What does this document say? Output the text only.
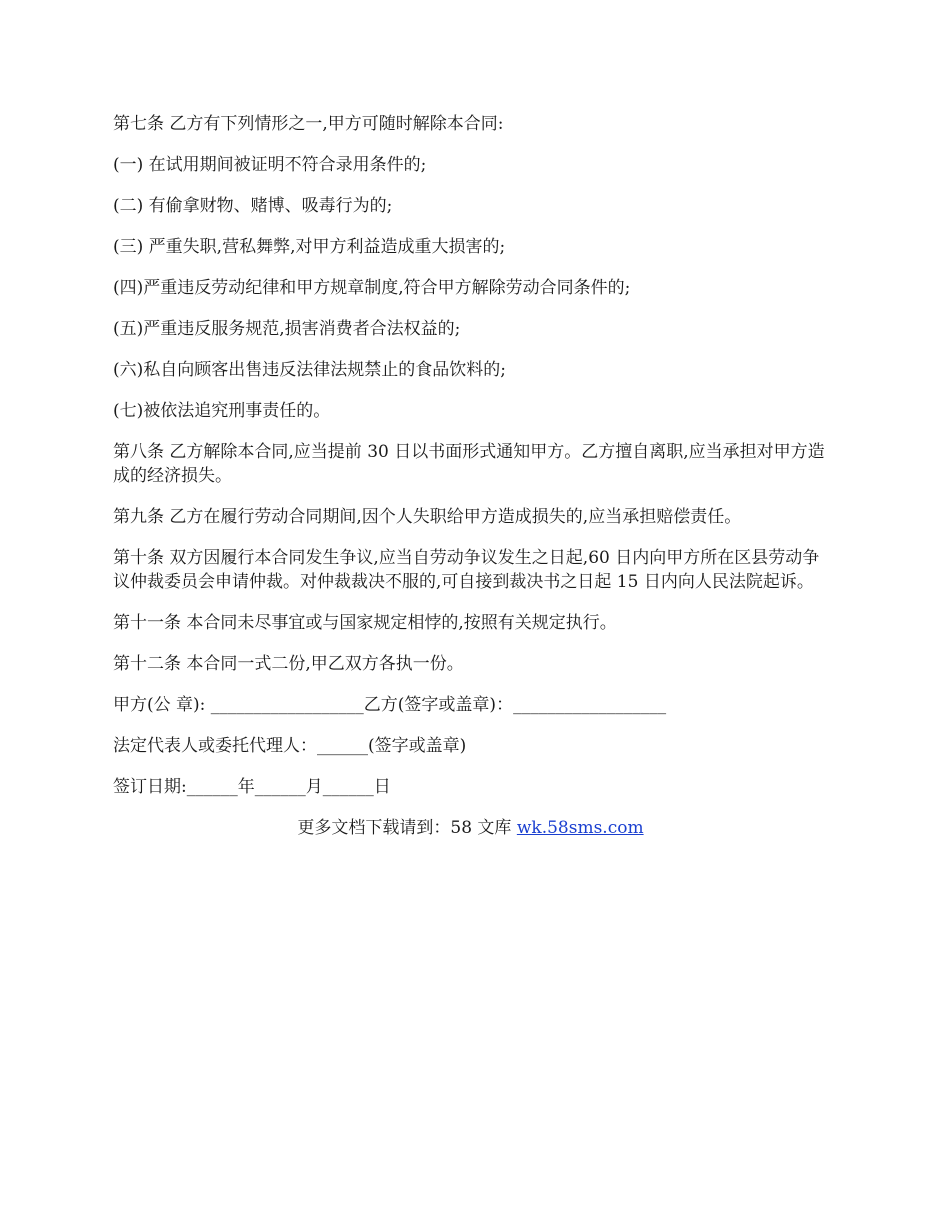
第七条 乙方有下列情形之一,甲方可随时解除本合同:

(一) 在试用期间被证明不符合录用条件的;

(二) 有偷拿财物、赌博、吸毒行为的;

(三) 严重失职,营私舞弊,对甲方利益造成重大损害的;

(四)严重违反劳动纪律和甲方规章制度,符合甲方解除劳动合同条件的;

(五)严重违反服务规范,损害消费者合法权益的;

(六)私自向顾客出售违反法律法规禁止的食品饮料的;

(七)被依法追究刑事责任的。

第八条 乙方解除本合同,应当提前 30 日以书面形式通知甲方。乙方擅自离职,应当承担对甲方造成的经济损失。

第九条 乙方在履行劳动合同期间,因个人失职给甲方造成损失的,应当承担赔偿责任。

第十条 双方因履行本合同发生争议,应当自劳动争议发生之日起,60 日内向甲方所在区县劳动争议仲裁委员会申请仲裁。对仲裁裁决不服的,可自接到裁决书之日起 15 日内向人民法院起诉。

第十一条 本合同未尽事宜或与国家规定相悖的,按照有关规定执行。

第十二条 本合同一式二份,甲乙双方各执一份。

甲方(公 章): __________________乙方(签字或盖章)：__________________

法定代表人或委托代理人：______(签字或盖章)

签订日期:______年______月______日

更多文档下载请到：58 文库 wk.58sms.com
